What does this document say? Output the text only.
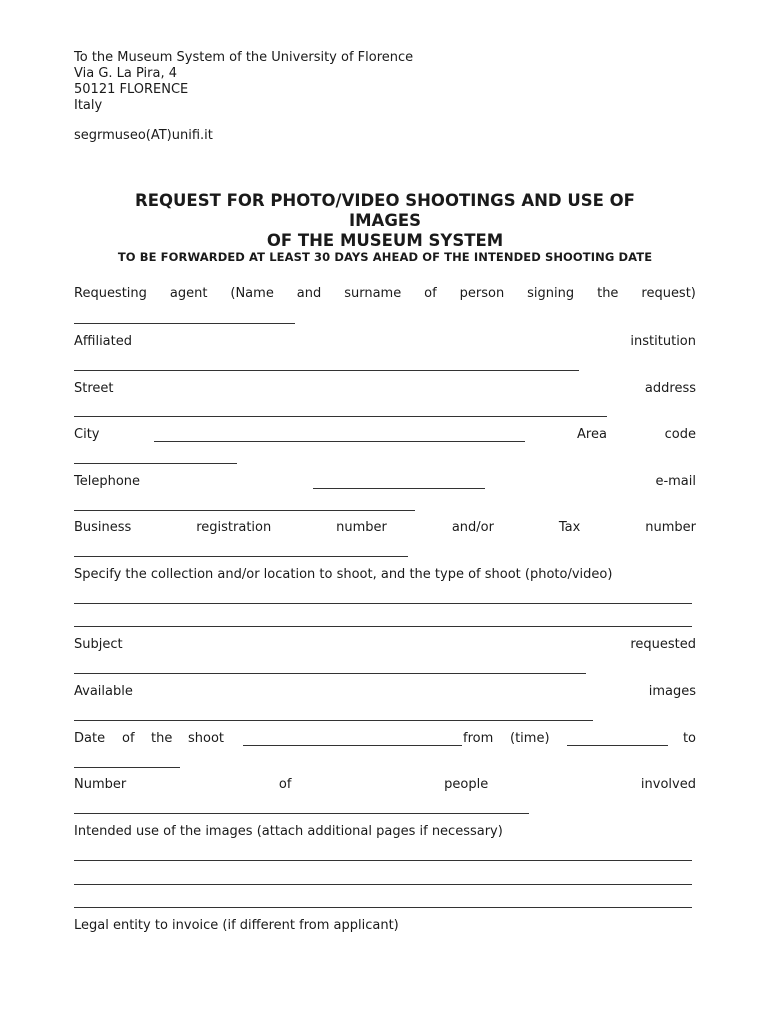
To the Museum System of the University of Florence
Via G. La Pira, 4
50121 FLORENCE
Italy
segrmuseo(AT)unifi.it
REQUEST FOR PHOTO/VIDEO SHOOTINGS AND USE OF
IMAGES
OF THE MUSEUM SYSTEM
TO BE FORWARDED AT LEAST 30 DAYS AHEAD OF THE INTENDED SHOOTING DATE
Requesting agent (Name and surname of person signing the request)
Affiliated	institution
Street	address
City	Area	code
Telephone	e-mail
Business	registration	number	and/or	Tax	number
Specify the collection and/or location to shoot, and the type of shoot (photo/video)
Subject	requested
Available	images
Date of the shoot	from (time)	to
Number	of	people	involved
Intended use of the images (attach additional pages if necessary)
Legal entity to invoice (if different from applicant)
